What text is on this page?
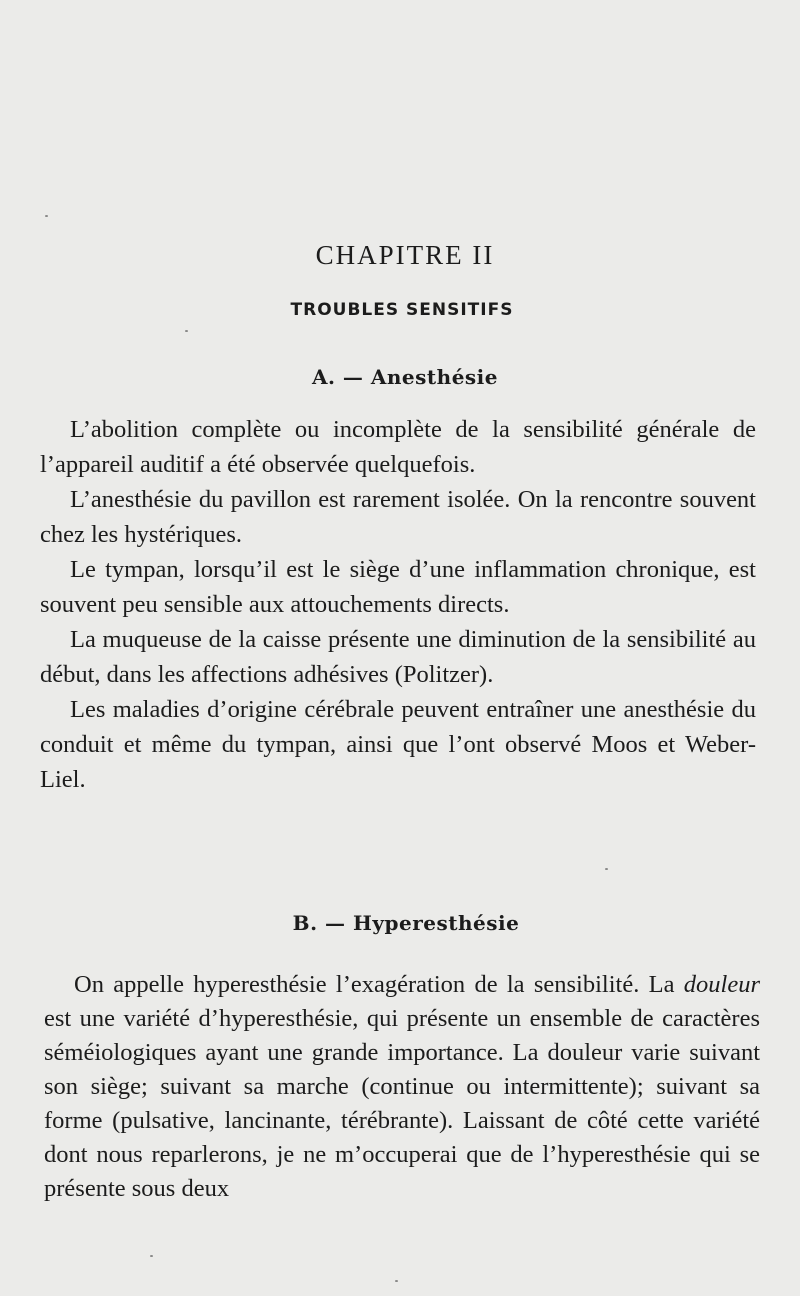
CHAPITRE II
TROUBLES SENSITIFS
A. — Anesthésie

L’abolition complète ou incomplète de la sensibilité générale de l’appareil auditif a été observée quelquefois.

L’anesthésie du pavillon est rarement isolée. On la rencontre souvent chez les hystériques.

Le tympan, lorsqu’il est le siège d’une inflammation chronique, est souvent peu sensible aux attouchements directs.

La muqueuse de la caisse présente une diminution de la sensibilité au début, dans les affections adhésives (Politzer).

Les maladies d’origine cérébrale peuvent entraîner une anesthésie du conduit et même du tympan, ainsi que l’ont observé Moos et Weber-Liel.

B. — Hyperesthésie

On appelle hyperesthésie l’exagération de la sensibilité. La douleur est une variété d’hyperesthésie, qui présente un ensemble de caractères séméiologiques ayant une grande importance. La douleur varie suivant son siège; suivant sa marche (continue ou intermittente); suivant sa forme (pulsative, lancinante, térébrante). Laissant de côté cette variété dont nous reparlerons, je ne m’occuperai que de l’hyperesthésie qui se présente sous deux
